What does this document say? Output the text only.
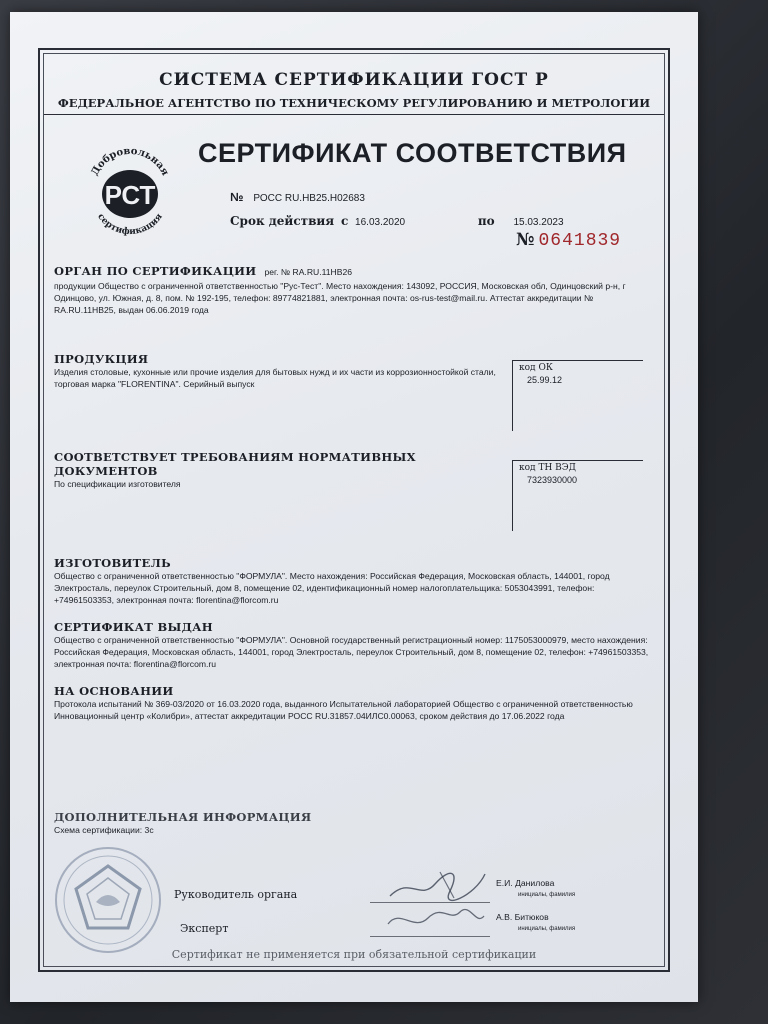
СИСТЕМА СЕРТИФИКАЦИИ ГОСТ Р
ФЕДЕРАЛЬНОЕ АГЕНТСТВО ПО ТЕХНИЧЕСКОМУ РЕГУЛИРОВАНИЮ И МЕТРОЛОГИИ
Добровольная
сертификация
РСТ
СЕРТИФИКАТ СООТВЕТСТВИЯ
№ РОСС RU.HB25.H02683
Срок действия с 16.03.2020	по 15.03.2023
№ 0641839
ОРГАН ПО СЕРТИФИКАЦИИ рег. № RA.RU.11HB26
продукции Общество с ограниченной ответственностью "Рус-Тест". Место нахождения: 143092, РОССИЯ, Московская обл, Одинцовский р-н, г Одинцово, ул. Южная, д. 8, пом. № 192-195, телефон: 89774821881, электронная почта: os-rus-test@mail.ru. Аттестат аккредитации № RA.RU.11HB25, выдан 06.06.2019 года
ПРОДУКЦИЯ
Изделия столовые, кухонные или прочие изделия для бытовых нужд и их части из коррозионностойкой стали, торговая марка "FLORENTINA". Серийный выпуск
код ОК
25.99.12
СООТВЕТСТВУЕТ ТРЕБОВАНИЯМ НОРМАТИВНЫХ ДОКУМЕНТОВ
По спецификации изготовителя
код ТН ВЭД
7323930000
ИЗГОТОВИТЕЛЬ
Общество с ограниченной ответственностью "ФОРМУЛА". Место нахождения: Российская Федерация, Московская область, 144001, город Электросталь, переулок Строительный, дом 8, помещение 02, идентификационный номер налогоплательщика: 5053043991, телефон: +74961503353, электронная почта: florentina@florcom.ru
СЕРТИФИКАТ ВЫДАН
Общество с ограниченной ответственностью "ФОРМУЛА". Основной государственный регистрационный номер: 1175053000979, место нахождения: Российская Федерация, Московская область, 144001, город Электросталь, переулок Строительный, дом 8, помещение 02, телефон: +74961503353, электронная почта: florentina@florcom.ru
НА ОСНОВАНИИ
Протокола испытаний № 369-03/2020 от 16.03.2020 года, выданного Испытательной лабораторией Общество с ограниченной ответственностью Инновационный центр «Колибри», аттестат аккредитации РОСС RU.31857.04ИЛС0.00063, сроком действия до 17.06.2022 года
ДОПОЛНИТЕЛЬНАЯ ИНФОРМАЦИЯ
Схема сертификации: 3с
Руководитель органа
Е.И. Данилова
инициалы, фамилия
Эксперт
А.В. Битюков
инициалы, фамилия
Сертификат не применяется при обязательной сертификации
